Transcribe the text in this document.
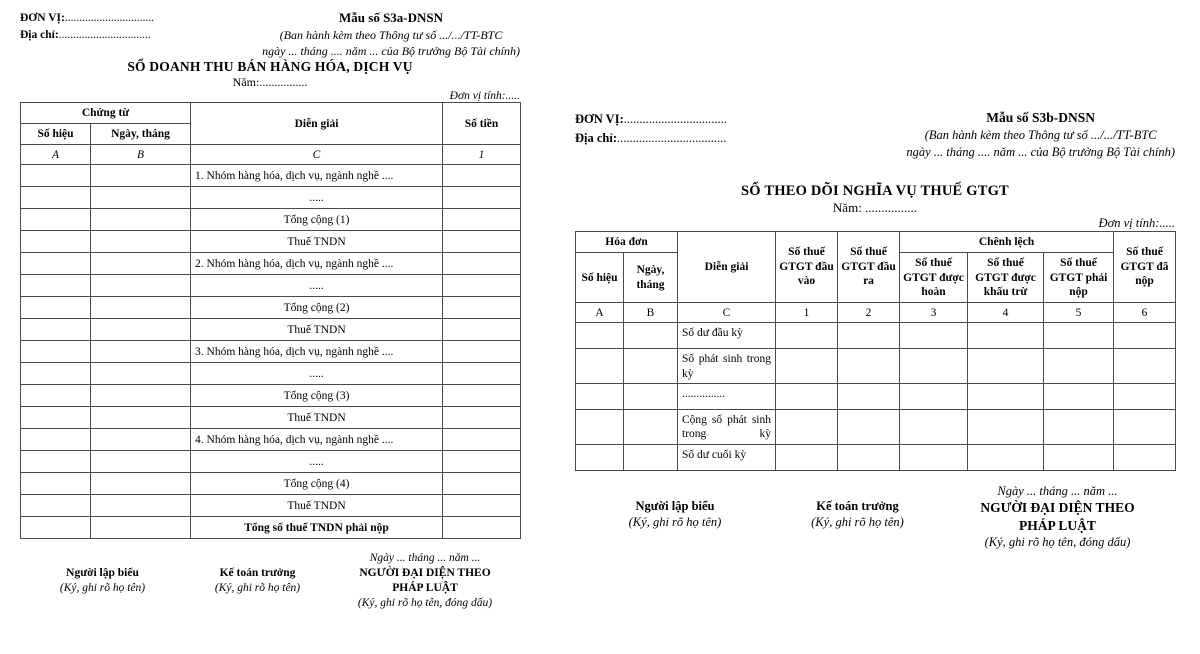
ĐƠN VỊ:...............................
Địa chỉ:................................
Mẫu số S3a-DNSN
(Ban hành kèm theo Thông tư số .../.../TT-BTC
ngày ... tháng .... năm ... của Bộ trưởng Bộ Tài chính)
SỔ DOANH THU BÁN HÀNG HÓA, DỊCH VỤ
Năm:................
Đơn vị tính:.....
Chứng từ		Diễn giải	Số tiền
Số hiệu	Ngày, tháng		
A	B	C	1
		1. Nhóm hàng hóa, dịch vụ, ngành nghề ....	
		.....	
		Tổng cộng (1)	
		Thuế TNDN	
		2. Nhóm hàng hóa, dịch vụ, ngành nghề ....	
		.....	
		Tổng cộng (2)	
		Thuế TNDN	
		3. Nhóm hàng hóa, dịch vụ, ngành nghề ....	
		.....	
		Tổng cộng (3)	
		Thuế TNDN	
		4. Nhóm hàng hóa, dịch vụ, ngành nghề ....	
		.....	
		Tổng cộng (4)	
		Thuế TNDN	
		Tổng số thuế TNDN phải nộp	
Người lập biểu
(Ký, ghi rõ họ tên)
Kế toán trưởng
(Ký, ghi rõ họ tên)
Ngày ... tháng ... năm ...
NGƯỜI ĐẠI DIỆN THEO
PHÁP LUẬT
(Ký, ghi rõ họ tên, đóng dấu)
ĐƠN VỊ:.................................
Địa chỉ:...................................
Mẫu số S3b-DNSN
(Ban hành kèm theo Thông tư số .../.../TT-BTC
ngày ... tháng .... năm ... của Bộ trưởng Bộ Tài chính)
SỔ THEO DÕI NGHĨA VỤ THUẾ GTGT
Năm: ................
Đơn vị tính:.....
Hóa đơn		Diễn giải	Số thuế GTGT đầu vào	Số thuế GTGT đầu ra	Chênh lệch			Số thuế GTGT đã nộp
Số hiệu	Ngày, tháng				Số thuế GTGT được hoàn	Số thuế GTGT được khấu trừ	Số thuế GTGT phải nộp	
A	B	C	1	2	3	4	5	6
		Số dư đầu kỳ						
		Số phát sinh trong kỳ						
		...............						
		Cộng số phát sinh trong kỳ						
		Số dư cuối kỳ						
Người lập biểu
(Ký, ghi rõ họ tên)
Kế toán trưởng
(Ký, ghi rõ họ tên)
Ngày ... tháng ... năm ...
NGƯỜI ĐẠI DIỆN THEO
PHÁP LUẬT
(Ký, ghi rõ họ tên, đóng dấu)
